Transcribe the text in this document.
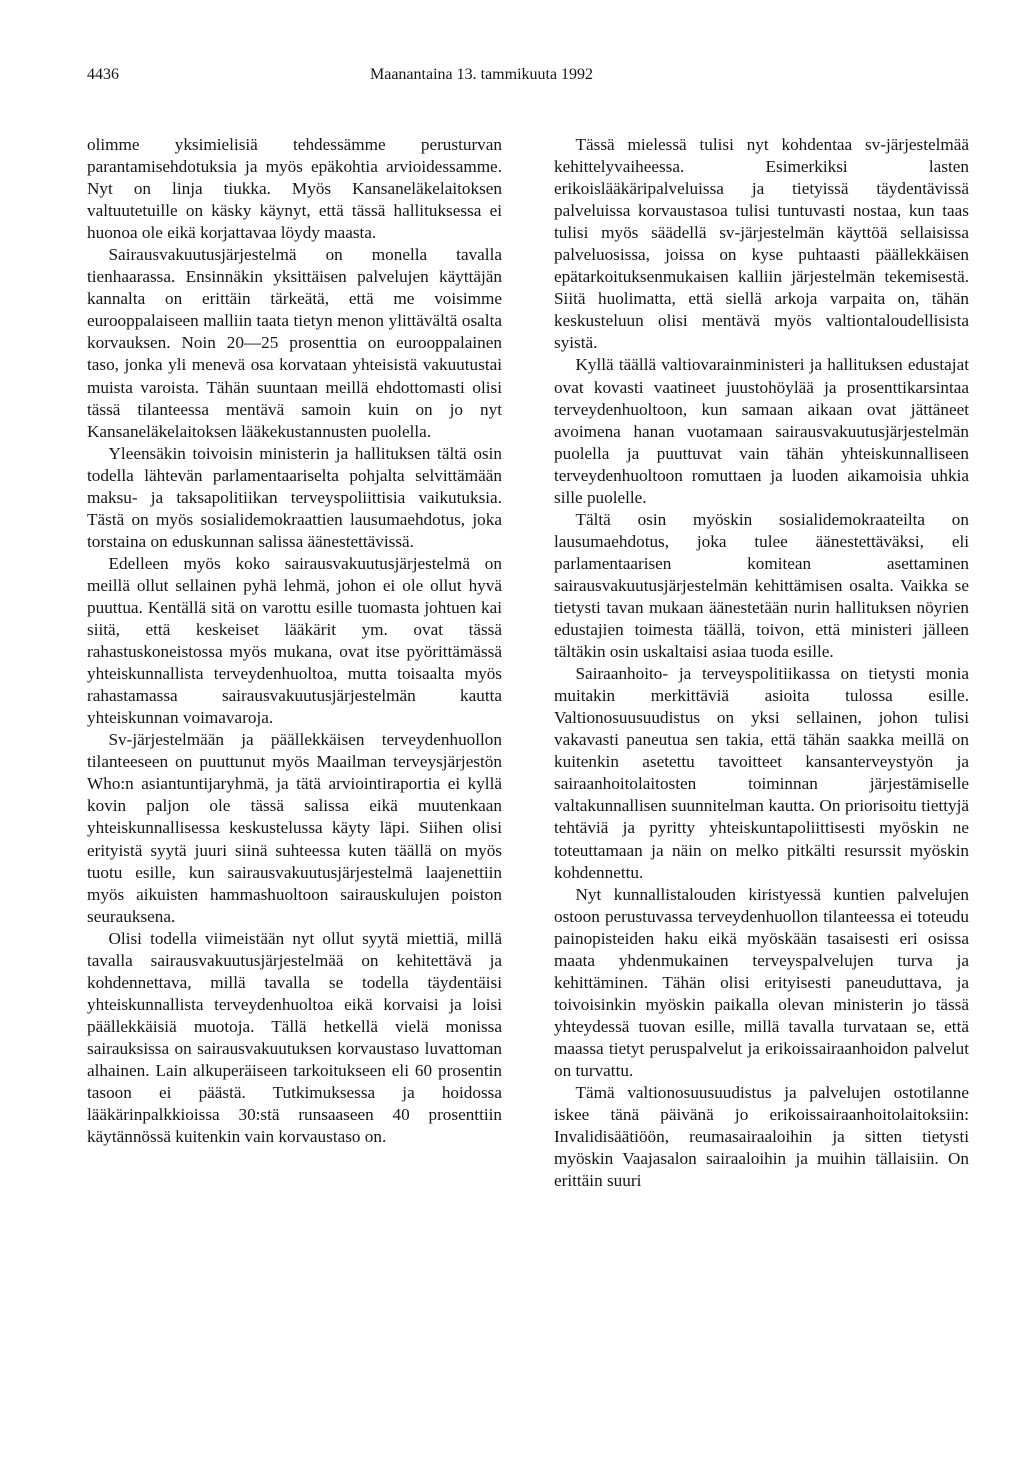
4436	Maanantaina 13. tammikuuta 1992

olimme yksimielisiä tehdessämme perusturvan parantamisehdotuksia ja myös epäkohtia arvioidessamme. Nyt on linja tiukka. Myös Kansaneläkelaitoksen valtuutetuille on käsky käynyt, että tässä hallituksessa ei huonoa ole eikä korjattavaa löydy maasta.

Sairausvakuutusjärjestelmä on monella tavalla tienhaarassa. Ensinnäkin yksittäisen palvelujen käyttäjän kannalta on erittäin tärkeätä, että me voisimme eurooppalaiseen malliin taata tietyn menon ylittävältä osalta korvauksen. Noin 20—25 prosenttia on eurooppalainen taso, jonka yli menevä osa korvataan yhteisistä vakuutustai muista varoista. Tähän suuntaan meillä ehdottomasti olisi tässä tilanteessa mentävä samoin kuin on jo nyt Kansaneläkelaitoksen lääkekustannusten puolella.

Yleensäkin toivoisin ministerin ja hallituksen tältä osin todella lähtevän parlamentaariselta pohjalta selvittämään maksu- ja taksapolitiikan terveyspoliittisia vaikutuksia. Tästä on myös sosialidemokraattien lausumaehdotus, joka torstaina on eduskunnan salissa äänestettävissä.

Edelleen myös koko sairausvakuutusjärjestelmä on meillä ollut sellainen pyhä lehmä, johon ei ole ollut hyvä puuttua. Kentällä sitä on varottu esille tuomasta johtuen kai siitä, että keskeiset lääkärit ym. ovat tässä rahastuskoneistossa myös mukana, ovat itse pyörittämässä yhteiskunnallista terveydenhuoltoa, mutta toisaalta myös rahastamassa sairausvakuutusjärjestelmän kautta yhteiskunnan voimavaroja.

Sv-järjestelmään ja päällekkäisen terveydenhuollon tilanteeseen on puuttunut myös Maailman terveysjärjestön Who:n asiantuntijaryhmä, ja tätä arviointiraportia ei kyllä kovin paljon ole tässä salissa eikä muutenkaan yhteiskunnallisessa keskustelussa käyty läpi. Siihen olisi erityistä syytä juuri siinä suhteessa kuten täällä on myös tuotu esille, kun sairausvakuutusjärjestelmä laajenettiin myös aikuisten hammashuoltoon sairauskulujen poiston seurauksena.

Olisi todella viimeistään nyt ollut syytä miettiä, millä tavalla sairausvakuutusjärjestelmää on kehitettävä ja kohdennettava, millä tavalla se todella täydentäisi yhteiskunnallista terveydenhuoltoa eikä korvaisi ja loisi päällekkäisiä muotoja. Tällä hetkellä vielä monissa sairauksissa on sairausvakuutuksen korvaustaso luvattoman alhainen. Lain alkuperäiseen tarkoitukseen eli 60 prosentin tasoon ei päästä. Tutkimuksessa ja hoidossa lääkärinpalkkioissa 30:stä runsaaseen 40 prosenttiin käytännössä kuitenkin vain korvaustaso on.

Tässä mielessä tulisi nyt kohdentaa sv-järjestelmää kehittelyvaiheessa. Esimerkiksi lasten erikoislääkäripalveluissa ja tietyissä täydentävissä palveluissa korvaustasoa tulisi tuntuvasti nostaa, kun taas tulisi myös säädellä sv-järjestelmän käyttöä sellaisissa palveluosissa, joissa on kyse puhtaasti päällekkäisen epätarkoituksenmukaisen kalliin järjestelmän tekemisestä. Siitä huolimatta, että siellä arkoja varpaita on, tähän keskusteluun olisi mentävä myös valtiontaloudellisista syistä.

Kyllä täällä valtiovarainministeri ja hallituksen edustajat ovat kovasti vaatineet juustohöylää ja prosenttikarsintaa terveydenhuoltoon, kun samaan aikaan ovat jättäneet avoimena hanan vuotamaan sairausvakuutusjärjestelmän puolella ja puuttuvat vain tähän yhteiskunnalliseen terveydenhuoltoon romuttaen ja luoden aikamoisia uhkia sille puolelle.

Tältä osin myöskin sosialidemokraateilta on lausumaehdotus, joka tulee äänestettäväksi, eli parlamentaarisen komitean asettaminen sairausvakuutusjärjestelmän kehittämisen osalta. Vaikka se tietysti tavan mukaan äänestetään nurin hallituksen nöyrien edustajien toimesta täällä, toivon, että ministeri jälleen tältäkin osin uskaltaisi asiaa tuoda esille.

Sairaanhoito- ja terveyspolitiikassa on tietysti monia muitakin merkittäviä asioita tulossa esille. Valtionosuusuudistus on yksi sellainen, johon tulisi vakavasti paneutua sen takia, että tähän saakka meillä on kuitenkin asetettu tavoitteet kansanterveystyön ja sairaanhoitolaitosten toiminnan järjestämiselle valtakunnallisen suunnitelman kautta. On priorisoitu tiettyjä tehtäviä ja pyritty yhteiskuntapoliittisesti myöskin ne toteuttamaan ja näin on melko pitkälti resurssit myöskin kohdennettu.

Nyt kunnallistalouden kiristyessä kuntien palvelujen ostoon perustuvassa terveydenhuollon tilanteessa ei toteudu painopisteiden haku eikä myöskään tasaisesti eri osissa maata yhdenmukainen terveyspalvelujen turva ja kehittäminen. Tähän olisi erityisesti paneuduttava, ja toivoisinkin myöskin paikalla olevan ministerin jo tässä yhteydessä tuovan esille, millä tavalla turvataan se, että maassa tietyt peruspalvelut ja erikoissairaanhoidon palvelut on turvattu.

Tämä valtionosuusuudistus ja palvelujen ostotilanne iskee tänä päivänä jo erikoissairaanhoitolaitoksiin: Invalidisäätiöön, reumasairaaloihin ja sitten tietysti myöskin Vaajasalon sairaaloihin ja muihin tällaisiin. On erittäin suuri
